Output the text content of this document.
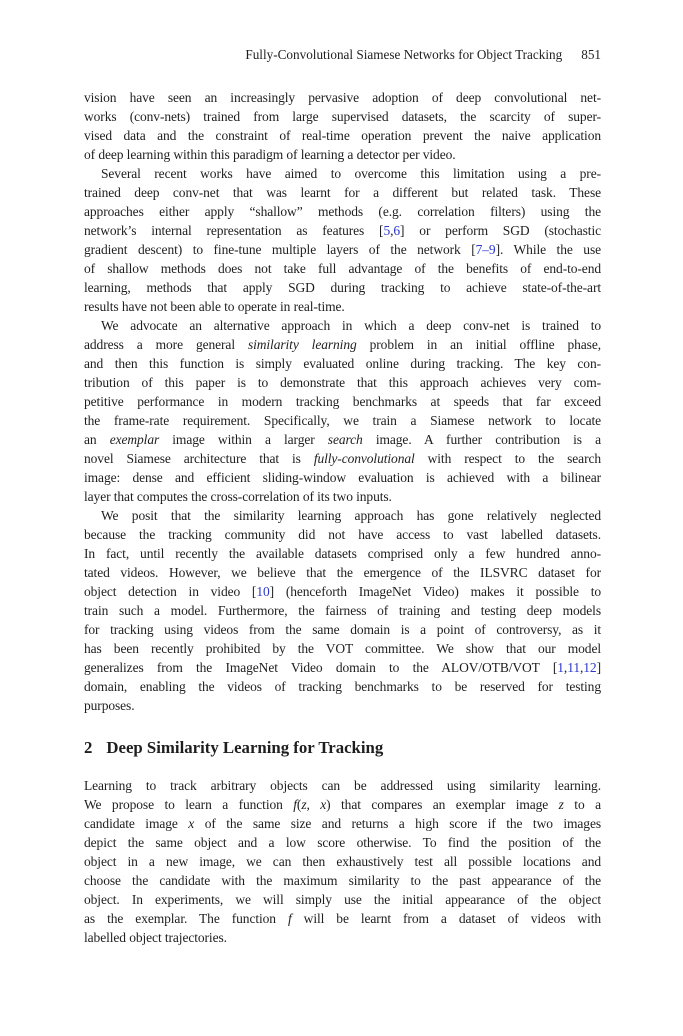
Fully-Convolutional Siamese Networks for Object Tracking 851
vision have seen an increasingly pervasive adoption of deep convolutional net-
works (conv-nets) trained from large supervised datasets, the scarcity of super-
vised data and the constraint of real-time operation prevent the naive application
of deep learning within this paradigm of learning a detector per video.
Several recent works have aimed to overcome this limitation using a pre-
trained deep conv-net that was learnt for a different but related task. These
approaches either apply “shallow” methods (e.g. correlation filters) using the
network’s internal representation as features [5,6] or perform SGD (stochastic
gradient descent) to fine-tune multiple layers of the network [7–9]. While the use
of shallow methods does not take full advantage of the benefits of end-to-end
learning, methods that apply SGD during tracking to achieve state-of-the-art
results have not been able to operate in real-time.
We advocate an alternative approach in which a deep conv-net is trained to
address a more general similarity learning problem in an initial offline phase,
and then this function is simply evaluated online during tracking. The key con-
tribution of this paper is to demonstrate that this approach achieves very com-
petitive performance in modern tracking benchmarks at speeds that far exceed
the frame-rate requirement. Specifically, we train a Siamese network to locate
an exemplar image within a larger search image. A further contribution is a
novel Siamese architecture that is fully-convolutional with respect to the search
image: dense and efficient sliding-window evaluation is achieved with a bilinear
layer that computes the cross-correlation of its two inputs.
We posit that the similarity learning approach has gone relatively neglected
because the tracking community did not have access to vast labelled datasets.
In fact, until recently the available datasets comprised only a few hundred anno-
tated videos. However, we believe that the emergence of the ILSVRC dataset for
object detection in video [10] (henceforth ImageNet Video) makes it possible to
train such a model. Furthermore, the fairness of training and testing deep models
for tracking using videos from the same domain is a point of controversy, as it
has been recently prohibited by the VOT committee. We show that our model
generalizes from the ImageNet Video domain to the ALOV/OTB/VOT [1,11,12]
domain, enabling the videos of tracking benchmarks to be reserved for testing
purposes.
2 Deep Similarity Learning for Tracking
Learning to track arbitrary objects can be addressed using similarity learning.
We propose to learn a function f(z, x) that compares an exemplar image z to a
candidate image x of the same size and returns a high score if the two images
depict the same object and a low score otherwise. To find the position of the
object in a new image, we can then exhaustively test all possible locations and
choose the candidate with the maximum similarity to the past appearance of the
object. In experiments, we will simply use the initial appearance of the object
as the exemplar. The function f will be learnt from a dataset of videos with
labelled object trajectories.
